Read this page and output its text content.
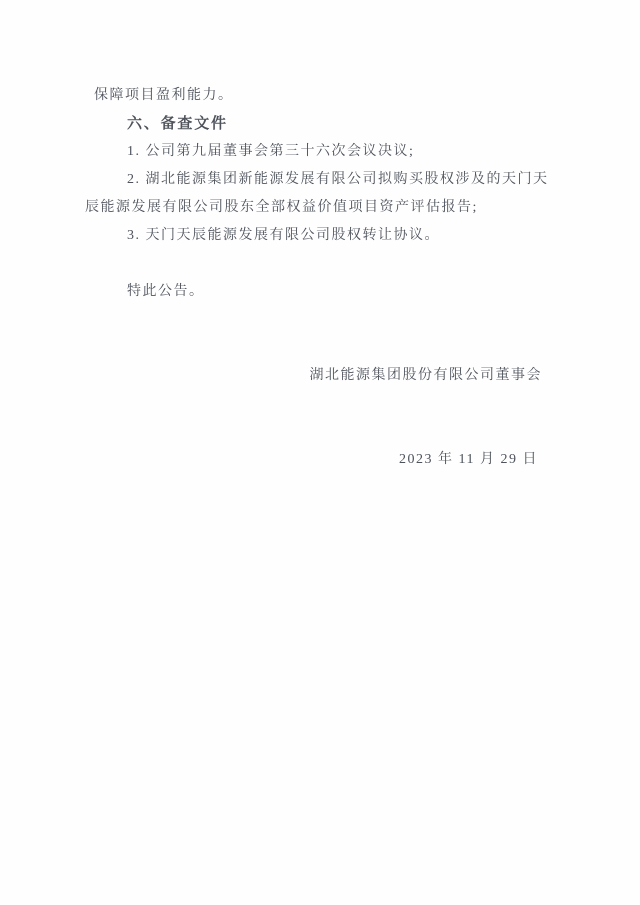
保障项目盈利能力。

六、备查文件

1. 公司第九届董事会第三十六次会议决议;

2. 湖北能源集团新能源发展有限公司拟购买股权涉及的天门天

辰能源发展有限公司股东全部权益价值项目资产评估报告;

3. 天门天辰能源发展有限公司股权转让协议。

特此公告。

湖北能源集团股份有限公司董事会

2023 年 11 月 29 日
